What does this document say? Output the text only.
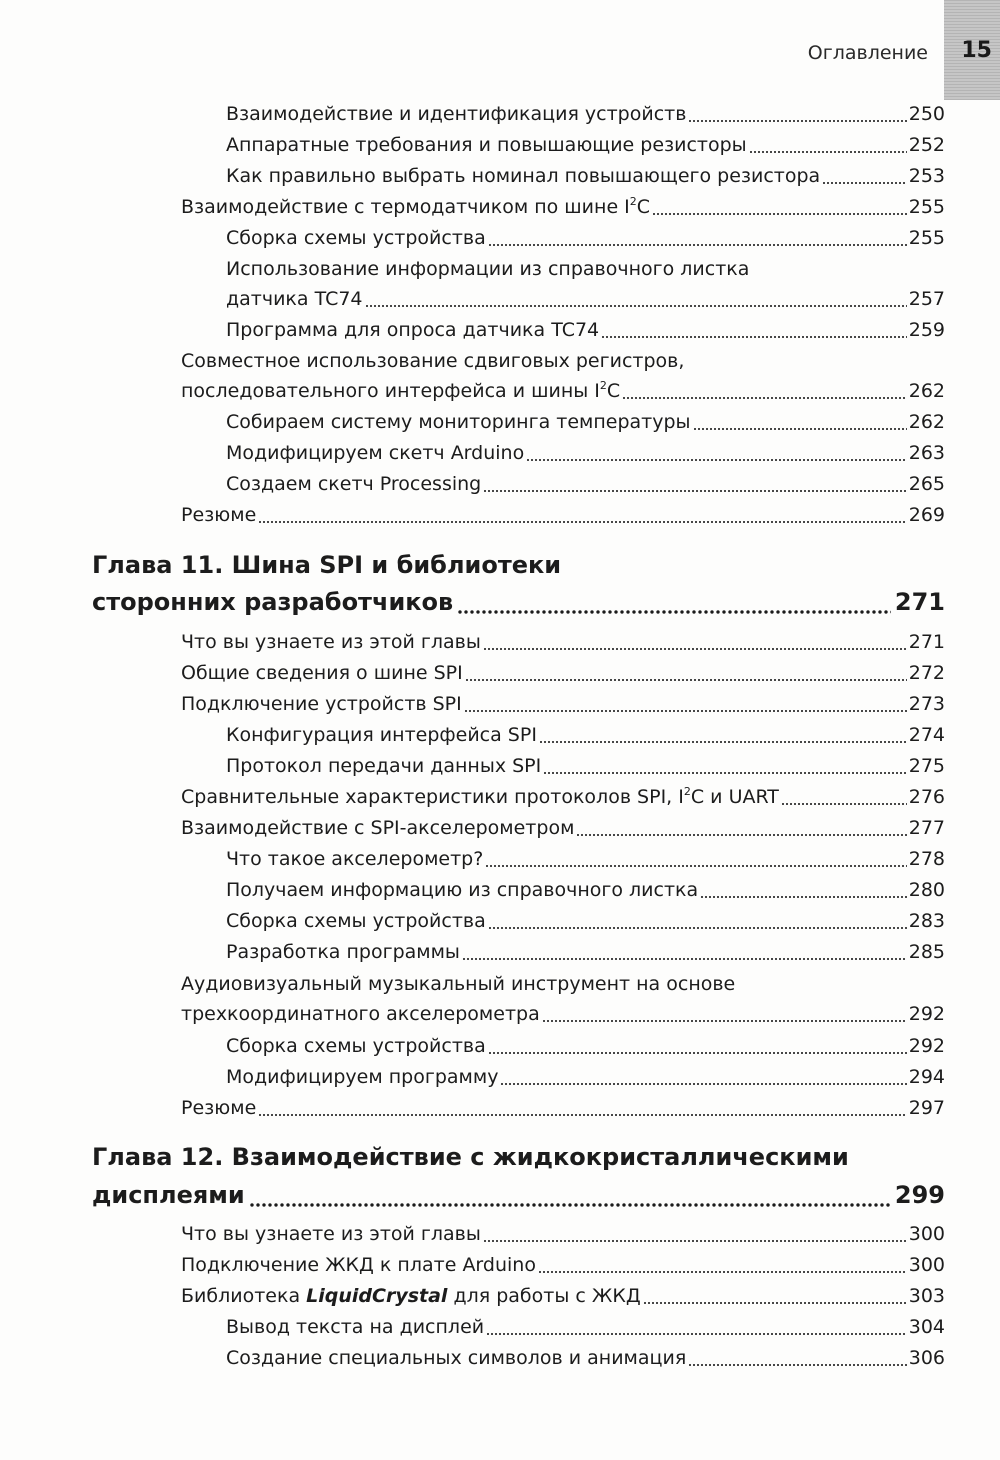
Оглавление 15
Взаимодействие и идентификация устройств	250
Аппаратные требования и повышающие резисторы	252
Как правильно выбрать номинал повышающего резистора	253
Взаимодействие с термодатчиком по шине $I^2C$	255
Сборка схемы устройства	255
Использование информации из справочного листка
датчика TC74	257
Программа для опроса датчика TC74	259
Совместное использование сдвиговых регистров,
последовательного интерфейса и шины $I^2C$	262
Собираем систему мониторинга температуры	262
Модифицируем скетч Arduino	263
Создаем скетч Processing	265
Резюме	269
Глава 11. Шина SPI и библиотеки
сторонних разработчиков	271
Что вы узнаете из этой главы	271
Общие сведения о шине SPI	272
Подключение устройств SPI	273
Конфигурация интерфейса SPI	274
Протокол передачи данных SPI	275
Сравнительные характеристики протоколов SPI, $I^2C$ и UART	276
Взаимодействие с SPI-акселерометром	277
Что такое акселерометр?	278
Получаем информацию из справочного листка	280
Сборка схемы устройства	283
Разработка программы	285
Аудиовизуальный музыкальный инструмент на основе
трехкоординатного акселерометра	292
Сборка схемы устройства	292
Модифицируем программу	294
Резюме	297
Глава 12. Взаимодействие с жидкокристаллическими
дисплеями	299
Что вы узнаете из этой главы	300
Подключение ЖКД к плате Arduino	300
Библиотека LiquidCrystal для работы с ЖКД	303
Вывод текста на дисплей	304
Создание специальных символов и анимация	306
